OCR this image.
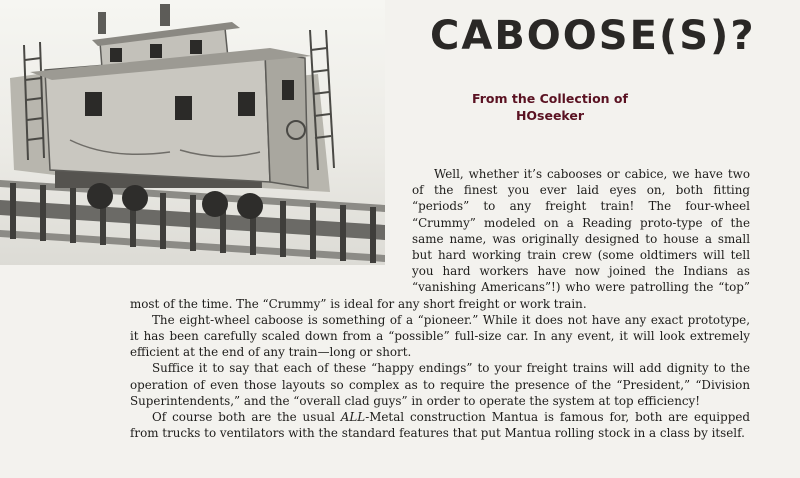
CABOOSE(S)?
From the Collection of
HOseeker

Well, whether it’s cabooses or cabice, we have two of the finest you ever laid eyes on, both fitting “periods” to any freight train! The four-wheel “Crummy” modeled on a Reading proto-type of the same name, was originally designed to house a small but hard working train crew (some oldtimers will tell you hard workers have now joined the Indians as “vanishing Americans”!) who were patrolling the “top” most of the time. The “Crummy” is ideal for any short freight or work train.

The eight-wheel caboose is something of a “pioneer.” While it does not have any exact prototype, it has been carefully scaled down from a “possible” full-size car. In any event, it will look extremely efficient at the end of any train—long or short.

Suffice it to say that each of these “happy endings” to your freight trains will add dignity to the operation of even those layouts so complex as to require the presence of the “President,” “Division Superintendents,” and the “overall clad guys” in order to operate the system at top efficiency!

Of course both are the usual ALL-Metal construction Mantua is famous for, both are equipped from trucks to ventilators with the standard features that put Mantua rolling stock in a class by itself.
